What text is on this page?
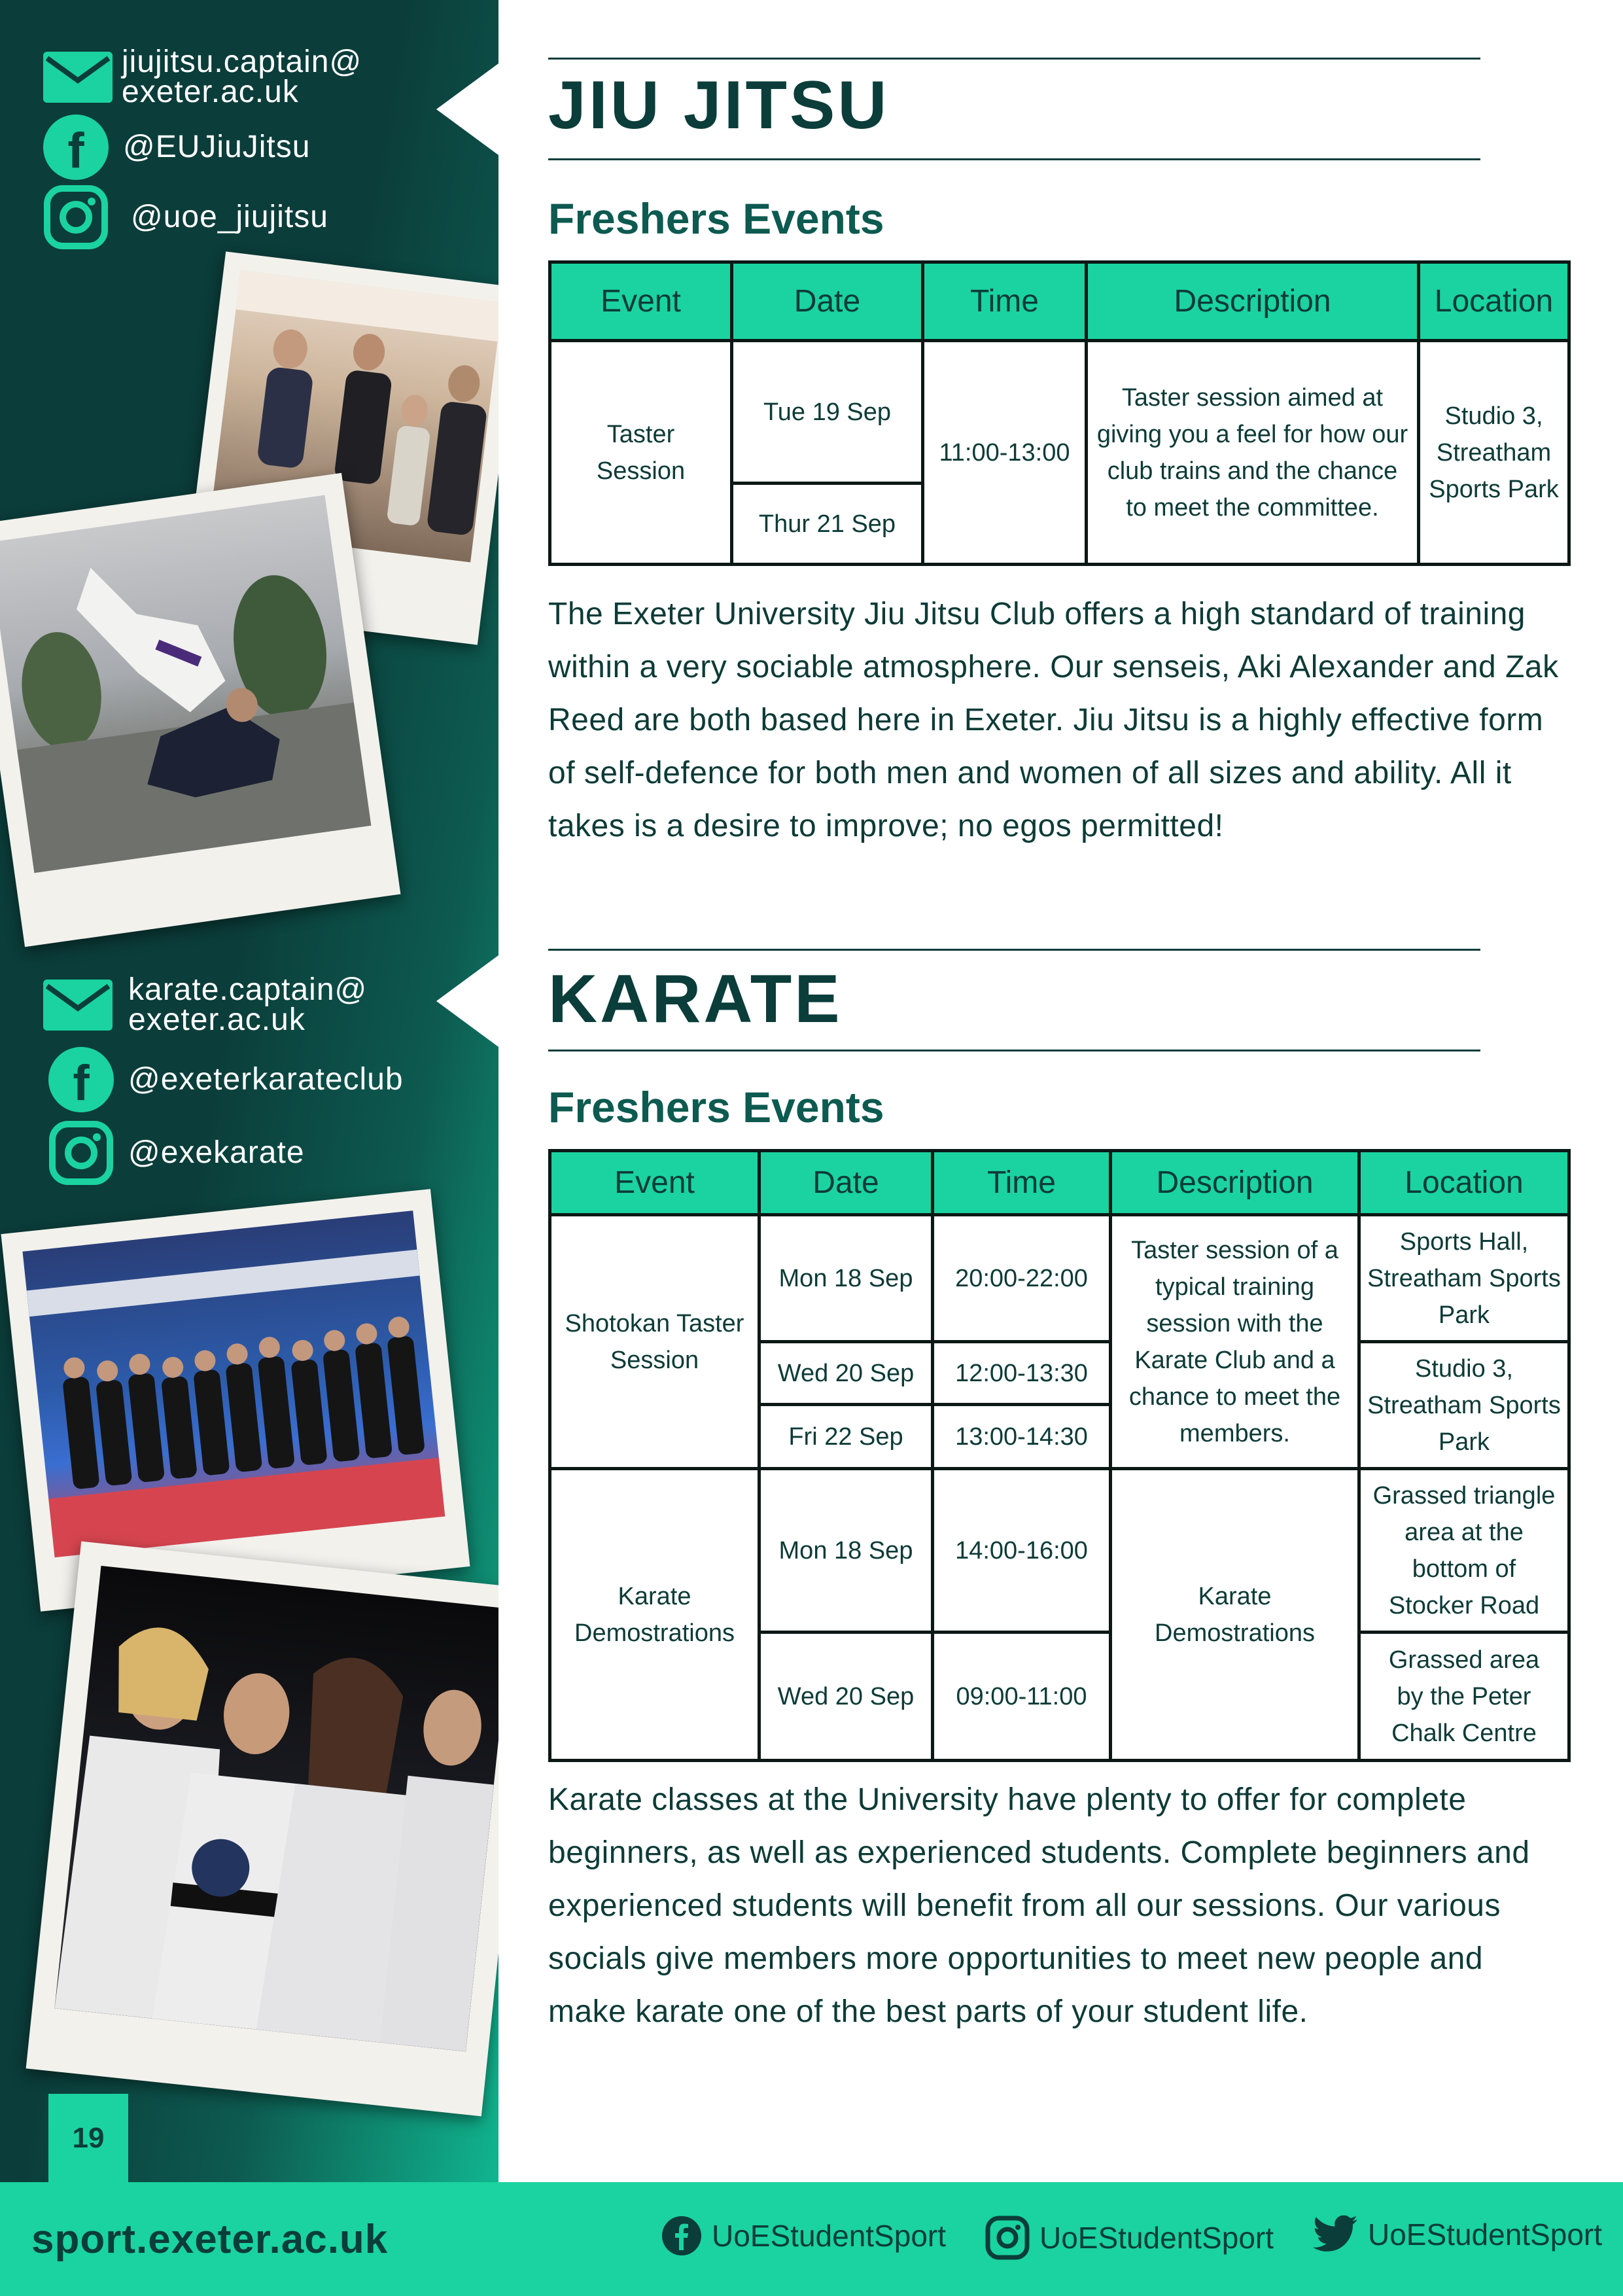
jiujitsu.captain@
exeter.ac.uk
f @EUJiuJitsu
@uoe_jiujitsu
karate.captain@
exeter.ac.uk
f @exeterkarateclub
@exekarate
19
JIU JITSU
Freshers Events
Event	Date	Time	Description	Location
Taster Session	Tue 19 Sep	11:00-13:00	Taster session aimed at giving you a feel for how our club trains and the chance to meet the committee.	Studio 3, Streatham Sports Park
	Thur 21 Sep			
The Exeter University Jiu Jitsu Club offers a high standard of training within a very sociable atmosphere. Our senseis, Aki Alexander and Zak Reed are both based here in Exeter. Jiu Jitsu is a highly effective form of self-defence for both men and women of all sizes and ability. All it takes is a desire to improve; no egos permitted!
KARATE
Freshers Events
Event	Date	Time	Description	Location
Shotokan Taster Session	Mon 18 Sep	20:00-22:00	Taster session of a typical training session with the Karate Club and a chance to meet the members.	Sports Hall, Streatham Sports Park
	Wed 20 Sep	12:00-13:30		Studio 3, Streatham Sports Park
	Fri 22 Sep	13:00-14:30		
Karate Demostrations	Mon 18 Sep	14:00-16:00	Karate Demostrations	Grassed triangle area at the bottom of Stocker Road
	Wed 20 Sep	09:00-11:00		Grassed area by the Peter Chalk Centre
Karate classes at the University have plenty to offer for complete beginners, as well as experienced students. Complete beginners and experienced students will benefit from all our sessions. Our various socials give members more opportunities to meet new people and make karate one of the best parts of your student life.
sport.exeter.ac.uk	UoEStudentSport	UoEStudentSport	UoEStudentSport
